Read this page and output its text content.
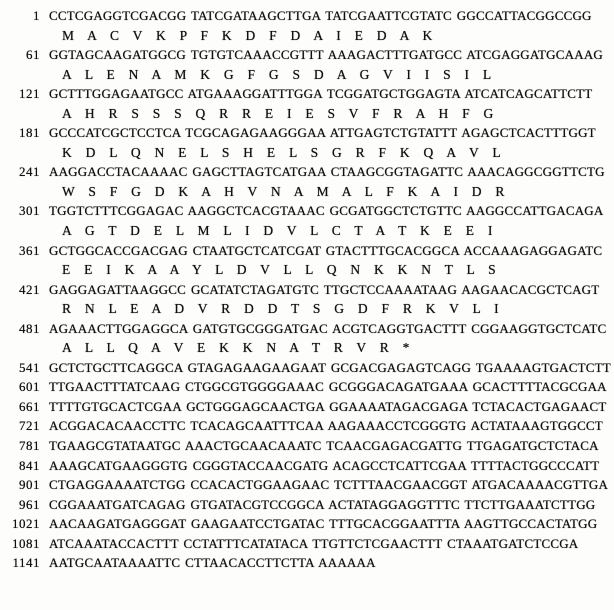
1 CCTCGAGGTCGACGG TATCGATAAGCTTGA TATCGAATTCGTATC GGCCATTACGGCCGG
M A C V K P F K D F D A I E D A K
61 GGTAGCAAGATGGCG TGTGTCAAACCGTTT AAAGACTTTGATGCC ATCGAGGATGCAAAG
A L E N A M K G F G S D A G V I I S I L
121 GCTTTGGAGAATGCC ATGAAAGGATTTGGA TCGGATGCTGGAGTA ATCATCAGCATTCTT
A H R S S S Q R R E I E S V F R A H F G
181 GCCCATCGCTCCTCA TCGCAGAGAAGGGAA ATTGAGTCTGTATTT AGAGCTCACTTTGGT
K D L Q N E L S H E L S G R F K Q A V L
241 AAGGACCTACAAAAC GAGCTTAGTCATGAA CTAAGCGGTAGATTC AAACAGGCGGTTCTG
W S F G D K A H V N A M A L F K A I D R
301 TGGTCTTTCGGAGAC AAGGCTCACGTAAAC GCGATGGCTCTGTTC AAGGCCATTGACAGA
A G T D E L M L I D V L C T A T K E E I
361 GCTGGCACCGACGAG CTAATGCTCATCGAT GTACTTTGCACGGCA ACCAAAGAGGAGATC
E E I K A A Y L D V L L Q N K K N T L S
421 GAGGAGATTAAGGCC GCATATCTAGATGTC TTGCTCCAAAATAAG AAGAACACGCTCAGT
R N L E A D V R D D T S G D F R K V L I
481 AGAAACTTGGAGGCA GATGTGCGGGATGAC ACGTCAGGTGACTTT CGGAAGGTGCTCATC
A L L Q A V E K K N A T R V R *
541 GCTCTGCTTCAGGCA GTAGAGAAGAAGAAT GCGACGAGAGTCAGG TGAAAAGTGACTCTT
601 TTGAACTTTATCAAG CTGGCGTGGGGAAAC GCGGGACAGATGAAA GCACTTTTACGCGAA
661 TTTTGTGCACTCGAA GCTGGGAGCAACTGA GGAAAATAGACGAGA TCTACACTGAGAACT
721 ACGGACACAACCTTC TCACAGCAATTTCAA AAGAAACCTCGGGTG ACTATAAAGTGGCCT
781 TGAAGCGTATAATGC AAACTGCAACAAATC TCAACGAGACGATTG TTGAGATGCTCTACA
841 AAAGCATGAAGGGTG CGGGTACCAACGATG ACAGCCTCATTCGAA TTTTACTGGCCCATT
901 CTGAGGAAAATCTGG CCACACTGGAAGAAC TCTTTAACGAACGGT ATGACAAAACGTTGA
961 CGGAAATGATCAGAG GTGATACGTCCGGCA ACTATAGGAGGTTTC TTCTTGAAATCTTGG
1021 AACAAGATGAGGGAT GAAGAATCCTGATAC TTTGCACGGAATTTA AAGTTGCCACTATGG
1081 ATCAAATACCACTTT CCTATTTCATATACA TTGTTCTCGAACTTT CTAAATGATCTCCGA
1141 AATGCAATAAAATTC CTTAACACCTTCTTA AAAAAA
